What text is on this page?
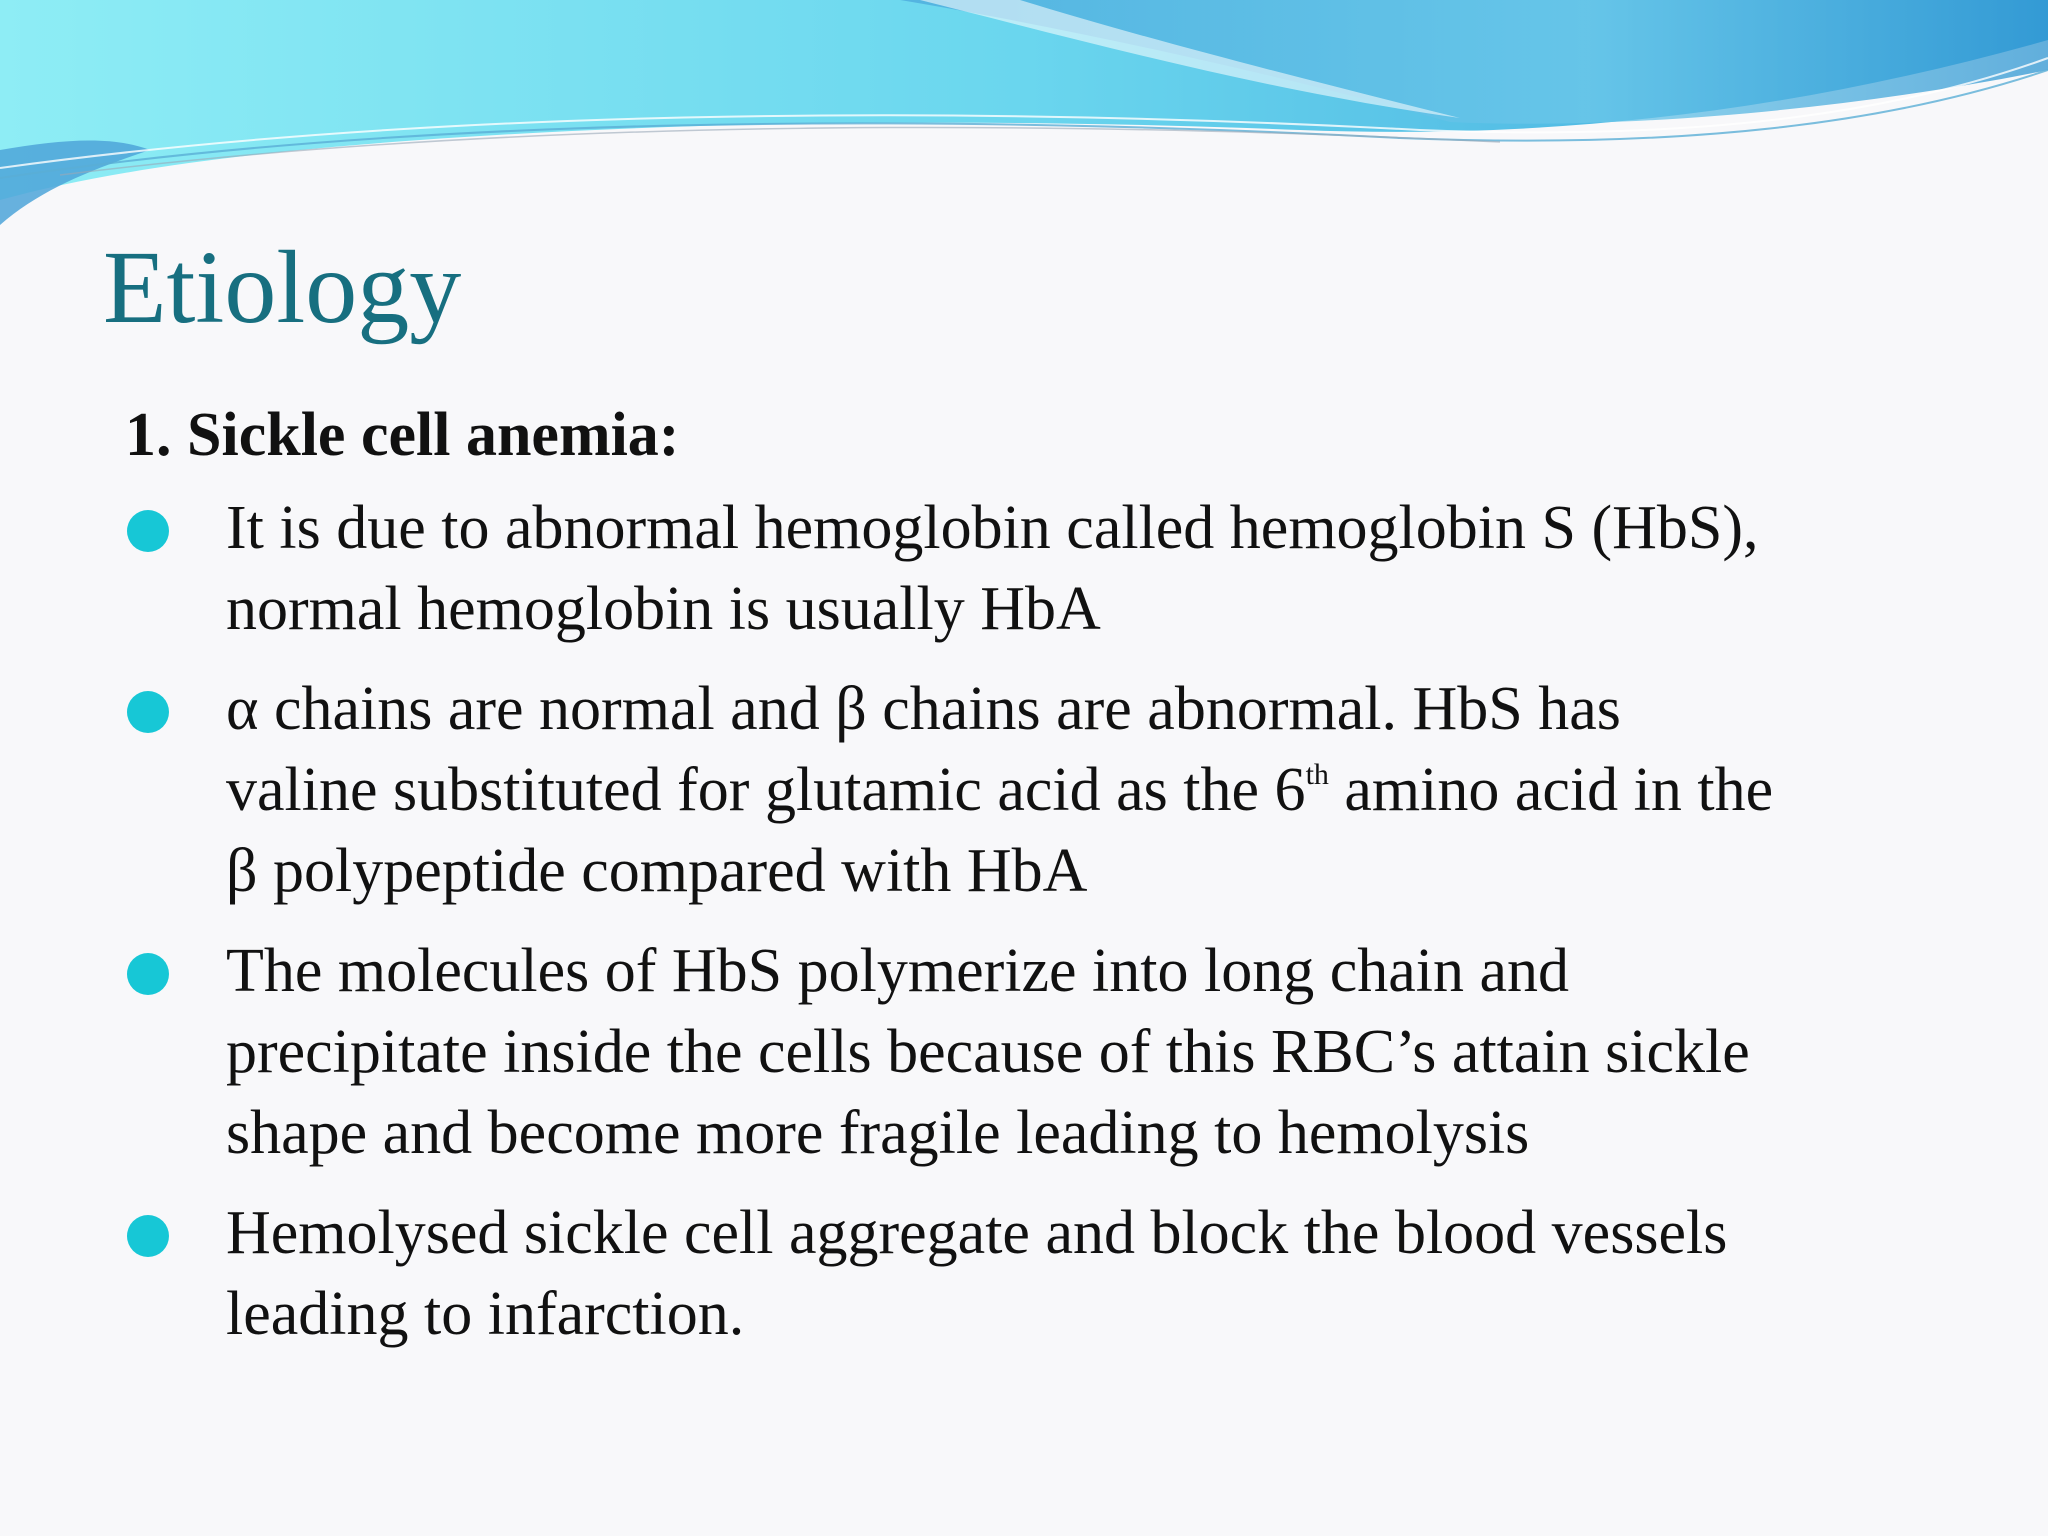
Etiology
1. Sickle cell anemia:
It is due to abnormal hemoglobin called hemoglobin S (HbS),
normal hemoglobin is usually HbA
α chains are normal and β chains are abnormal. HbS has
valine substituted for glutamic acid as the 6th amino acid in the
β polypeptide compared with HbA
The molecules of HbS polymerize into long chain and
precipitate inside the cells because of this RBC’s attain sickle
shape and become more fragile leading to hemolysis
Hemolysed sickle cell aggregate and block the blood vessels
leading to infarction.
